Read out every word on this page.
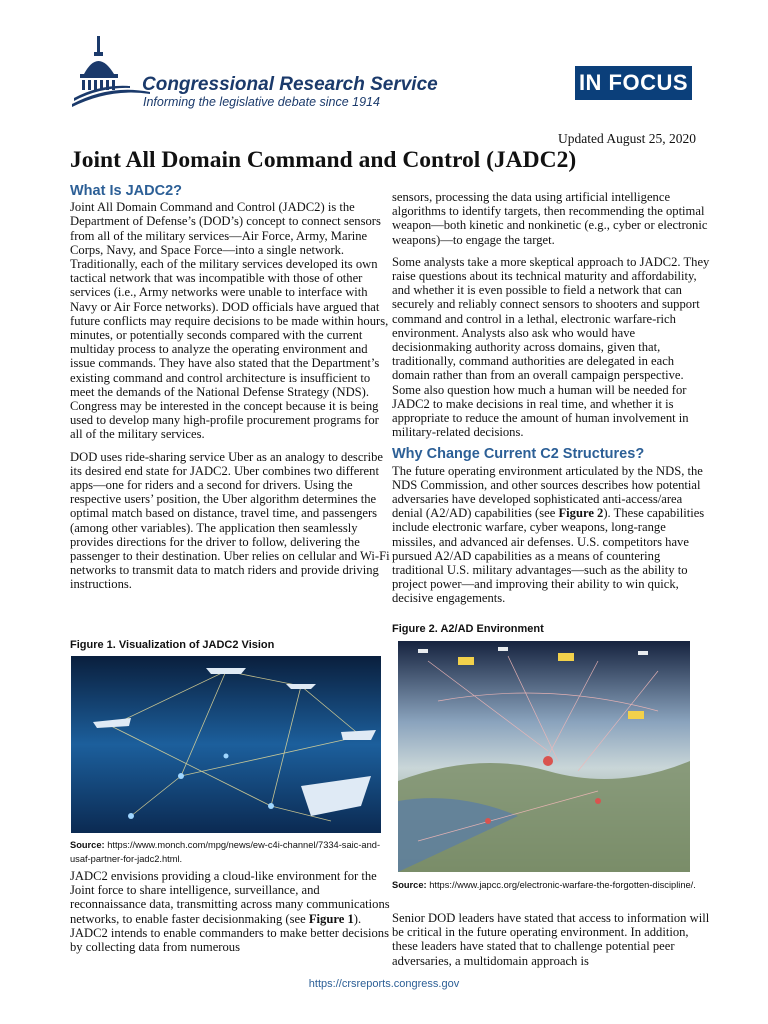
Congressional Research Service
Informing the legislative debate since 1914
IN FOCUS
Updated August 25, 2020
Joint All Domain Command and Control (JADC2)
What Is JADC2?

Joint All Domain Command and Control (JADC2) is the Department of Defense’s (DOD’s) concept to connect sensors from all of the military services—Air Force, Army, Marine Corps, Navy, and Space Force—into a single network. Traditionally, each of the military services developed its own tactical network that was incompatible with those of other services (i.e., Army networks were unable to interface with Navy or Air Force networks). DOD officials have argued that future conflicts may require decisions to be made within hours, minutes, or potentially seconds compared with the current multiday process to analyze the operating environment and issue commands. They have also stated that the Department’s existing command and control architecture is insufficient to meet the demands of the National Defense Strategy (NDS). Congress may be interested in the concept because it is being used to develop many high-profile procurement programs for all of the military services.

DOD uses ride-sharing service Uber as an analogy to describe its desired end state for JADC2. Uber combines two different apps—one for riders and a second for drivers. Using the respective users’ position, the Uber algorithm determines the optimal match based on distance, travel time, and passengers (among other variables). The application then seamlessly provides directions for the driver to follow, delivering the passenger to their destination. Uber relies on cellular and Wi-Fi networks to transmit data to match riders and provide driving instructions.

Figure 1. Visualization of JADC2 Vision
Source: https://www.monch.com/mpg/news/ew-c4i-channel/7334-saic-and-usaf-partner-for-jadc2.html.

JADC2 envisions providing a cloud-like environment for the Joint force to share intelligence, surveillance, and reconnaissance data, transmitting across many communications networks, to enable faster decisionmaking (see Figure 1). JADC2 intends to enable commanders to make better decisions by collecting data from numerous

sensors, processing the data using artificial intelligence algorithms to identify targets, then recommending the optimal weapon—both kinetic and nonkinetic (e.g., cyber or electronic weapons)—to engage the target.

Some analysts take a more skeptical approach to JADC2. They raise questions about its technical maturity and affordability, and whether it is even possible to field a network that can securely and reliably connect sensors to shooters and support command and control in a lethal, electronic warfare-rich environment. Analysts also ask who would have decisionmaking authority across domains, given that, traditionally, command authorities are delegated in each domain rather than from an overall campaign perspective. Some also question how much a human will be needed for JADC2 to make decisions in real time, and whether it is appropriate to reduce the amount of human involvement in military-related decisions.

Why Change Current C2 Structures?

The future operating environment articulated by the NDS, the NDS Commission, and other sources describes how potential adversaries have developed sophisticated anti-access/area denial (A2/AD) capabilities (see Figure 2). These capabilities include electronic warfare, cyber weapons, long-range missiles, and advanced air defenses. U.S. competitors have pursued A2/AD capabilities as a means of countering traditional U.S. military advantages—such as the ability to project power—and improving their ability to win quick, decisive engagements.

Figure 2. A2/AD Environment
Source: https://www.japcc.org/electronic-warfare-the-forgotten-discipline/.

Senior DOD leaders have stated that access to information will be critical in the future operating environment. In addition, these leaders have stated that to challenge potential peer adversaries, a multidomain approach is

https://crsreports.congress.gov
